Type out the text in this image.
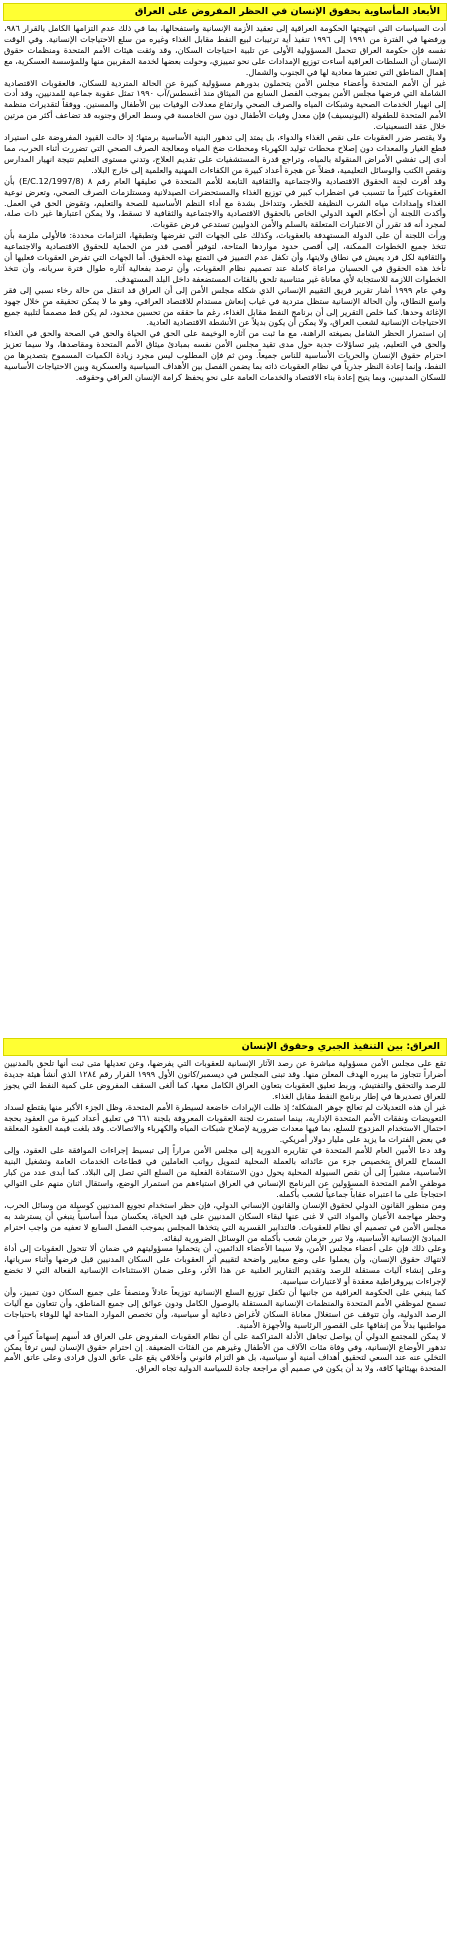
الأبعاد المأساوية بحقوق الإنسان في الحظر المفروض على العراق

أدت السياسات التي انتهجتها الحكومة العراقية إلى تعقيد الأزمة الإنسانية واستفحالها، بما في ذلك عدم التزامها الكامل بالقرار ٩٨٦، ورفضها في الفترة من ١٩٩١ إلى ١٩٩٦ تنفيذ أية ترتيبات لبيع النفط مقابل الغذاء وغيره من سلع الاحتياجات الإنسانية. وفي الوقت نفسه فإن حكومة العراق تتحمل المسؤولية الأولى عن تلبية احتياجات السكان، وقد وثقت هيئات الأمم المتحدة ومنظمات حقوق الإنسان أن السلطات العراقية أساءت توزيع الإمدادات على نحو تمييزي، وحولت بعضها لخدمة المقربين منها وللمؤسسة العسكرية، مع إهمال المناطق التي تعتبرها معادية لها في الجنوب والشمال.

غير أن الأمم المتحدة وأعضاء مجلس الأمن يتحملون بدورهم مسؤولية كبيرة عن الحالة المتردية للسكان، فالعقوبات الاقتصادية الشاملة التي فرضها مجلس الأمن بموجب الفصل السابع من الميثاق منذ أغسطس/آب ١٩٩٠ تمثل عقوبة جماعية للمدنيين، وقد أدت إلى انهيار الخدمات الصحية وشبكات المياه والصرف الصحي وارتفاع معدلات الوفيات بين الأطفال والمسنين. ووفقاً لتقديرات منظمة الأمم المتحدة للطفولة (اليونيسيف) فإن معدل وفيات الأطفال دون سن الخامسة في وسط العراق وجنوبه قد تضاعف أكثر من مرتين خلال عقد التسعينيات.

ولا يقتصر ضرر العقوبات على نقص الغذاء والدواء، بل يمتد إلى تدهور البنية الأساسية برمتها؛ إذ حالت القيود المفروضة على استيراد قطع الغيار والمعدات دون إصلاح محطات توليد الكهرباء ومحطات ضخ المياه ومعالجة الصرف الصحي التي تضررت أثناء الحرب، مما أدى إلى تفشي الأمراض المنقولة بالمياه، وتراجع قدرة المستشفيات على تقديم العلاج، وتدني مستوى التعليم نتيجة انهيار المدارس ونقص الكتب والوسائل التعليمية، فضلاً عن هجرة أعداد كبيرة من الكفاءات المهنية والعلمية إلى خارج البلاد.

وقد أقرت لجنة الحقوق الاقتصادية والاجتماعية والثقافية التابعة للأمم المتحدة في تعليقها العام رقم ٨ (E/C.12/1997/8) بأن العقوبات كثيراً ما تتسبب في اضطراب كبير في توزيع الغذاء والمستحضرات الصيدلانية ومستلزمات الصرف الصحي، وتعرض نوعية الغذاء وإمدادات مياه الشرب النظيفة للخطر، وتتداخل بشدة مع أداء النظم الأساسية للصحة والتعليم، وتقوض الحق في العمل. وأكدت اللجنة أن أحكام العهد الدولي الخاص بالحقوق الاقتصادية والاجتماعية والثقافية لا تسقط، ولا يمكن اعتبارها غير ذات صلة، لمجرد أنه قد تقرر أن الاعتبارات المتعلقة بالسلم والأمن الدوليين تستدعي فرض عقوبات.

ورأت اللجنة أن على الدولة المستهدفة بالعقوبات، وكذلك على الجهات التي تفرضها وتطبقها، التزامات محددة: فالأولى ملزمة بأن تتخذ جميع الخطوات الممكنة، إلى أقصى حدود مواردها المتاحة، لتوفير أقصى قدر من الحماية للحقوق الاقتصادية والاجتماعية والثقافية لكل فرد يعيش في نطاق ولايتها، وأن تكفل عدم التمييز في التمتع بهذه الحقوق. أما الجهات التي تفرض العقوبات فعليها أن تأخذ هذه الحقوق في الحسبان مراعاة كاملة عند تصميم نظام العقوبات، وأن ترصد بفعالية آثاره طوال فترة سريانه، وأن تتخذ الخطوات اللازمة للاستجابة لأي معاناة غير متناسبة تلحق بالفئات المستضعفة داخل البلد المستهدف.

وفي عام ١٩٩٩ أشار تقرير فريق التقييم الإنساني الذي شكله مجلس الأمن إلى أن العراق قد انتقل من حالة رخاء نسبي إلى فقر واسع النطاق، وأن الحالة الإنسانية ستظل متردية في غياب إنعاش مستدام للاقتصاد العراقي، وهو ما لا يمكن تحقيقه من خلال جهود الإغاثة وحدها. كما خلص التقرير إلى أن برنامج النفط مقابل الغذاء، رغم ما حققه من تحسين محدود، لم يكن قط مصمماً لتلبية جميع الاحتياجات الإنسانية لشعب العراق، ولا يمكن أن يكون بديلاً عن الأنشطة الاقتصادية العادية.

إن استمرار الحظر الشامل بصيغته الراهنة، مع ما ثبت من آثاره الوخيمة على الحق في الحياة والحق في الصحة والحق في الغذاء والحق في التعليم، يثير تساؤلات جدية حول مدى تقيد مجلس الأمن نفسه بمبادئ ميثاق الأمم المتحدة ومقاصدها، ولا سيما تعزيز احترام حقوق الإنسان والحريات الأساسية للناس جميعاً. ومن ثم فإن المطلوب ليس مجرد زيادة الكميات المسموح بتصديرها من النفط، وإنما إعادة النظر جذرياً في نظام العقوبات ذاته بما يضمن الفصل بين الأهداف السياسية والعسكرية وبين الاحتياجات الأساسية للسكان المدنيين، وبما يتيح إعادة بناء الاقتصاد والخدمات العامة على نحو يحفظ كرامة الإنسان العراقي وحقوقه.

العراق: بين التنفيذ الجبري وحقوق الإنسان

تقع على مجلس الأمن مسؤولية مباشرة عن رصد الآثار الإنسانية للعقوبات التي يفرضها، وعن تعديلها متى ثبت أنها تلحق بالمدنيين أضراراً تتجاوز ما يبرره الهدف المعلن منها. وقد تبنى المجلس في ديسمبر/كانون الأول ١٩٩٩ القرار رقم ١٢٨٤ الذي أنشأ هيئة جديدة للرصد والتحقق والتفتيش، وربط تعليق العقوبات بتعاون العراق الكامل معها، كما ألغى السقف المفروض على كمية النفط التي يجوز للعراق تصديرها في إطار برنامج النفط مقابل الغذاء.

غير أن هذه التعديلات لم تعالج جوهر المشكلة؛ إذ ظلت الإيرادات خاضعة لسيطرة الأمم المتحدة، وظل الجزء الأكبر منها يقتطع لسداد التعويضات ونفقات الأمم المتحدة الإدارية، بينما استمرت لجنة العقوبات المعروفة بلجنة ٦٦١ في تعليق أعداد كبيرة من العقود بحجة احتمال الاستخدام المزدوج للسلع، بما فيها معدات ضرورية لإصلاح شبكات المياه والكهرباء والاتصالات. وقد بلغت قيمة العقود المعلقة في بعض الفترات ما يزيد على مليار دولار أمريكي.

وقد دعا الأمين العام للأمم المتحدة في تقاريره الدورية إلى مجلس الأمن مراراً إلى تبسيط إجراءات الموافقة على العقود، وإلى السماح للعراق بتخصيص جزء من عائداته بالعملة المحلية لتمويل رواتب العاملين في قطاعات الخدمات العامة وتشغيل البنية الأساسية، مشيراً إلى أن نقص السيولة المحلية يحول دون الاستفادة الفعلية من السلع التي تصل إلى البلاد. كما أبدى عدد من كبار موظفي الأمم المتحدة المسؤولين عن البرنامج الإنساني في العراق استياءهم من استمرار الوضع، واستقال اثنان منهم على التوالي احتجاجاً على ما اعتبراه عقاباً جماعياً لشعب بأكمله.

ومن منظور القانون الدولي لحقوق الإنسان والقانون الإنساني الدولي، فإن حظر استخدام تجويع المدنيين كوسيلة من وسائل الحرب، وحظر مهاجمة الأعيان والمواد التي لا غنى عنها لبقاء السكان المدنيين على قيد الحياة، يعكسان مبدأ أساسياً ينبغي أن يسترشد به مجلس الأمن في تصميم أي نظام للعقوبات. فالتدابير القسرية التي يتخذها المجلس بموجب الفصل السابع لا تعفيه من واجب احترام المبادئ الإنسانية الأساسية، ولا تبرر حرمان شعب بأكمله من الوسائل الضرورية لبقائه.

وعلى ذلك فإن على أعضاء مجلس الأمن، ولا سيما الأعضاء الدائمين، أن يتحملوا مسؤوليتهم في ضمان ألا تتحول العقوبات إلى أداة لانتهاك حقوق الإنسان، وأن يعملوا على وضع معايير واضحة لتقييم أثر العقوبات على السكان المدنيين قبل فرضها وأثناء سريانها، وعلى إنشاء آليات مستقلة للرصد وتقديم التقارير العلنية عن هذا الأثر، وعلى ضمان الاستثناءات الإنسانية الفعالة التي لا تخضع لإجراءات بيروقراطية معقدة أو لاعتبارات سياسية.

كما ينبغي على الحكومة العراقية من جانبها أن تكفل توزيع السلع الإنسانية توزيعاً عادلاً ومنصفاً على جميع السكان دون تمييز، وأن تسمح لموظفي الأمم المتحدة والمنظمات الإنسانية المستقلة بالوصول الكامل ودون عوائق إلى جميع المناطق، وأن تتعاون مع آليات الرصد الدولية، وأن تتوقف عن استغلال معاناة السكان لأغراض دعائية أو سياسية، وأن تخصص الموارد المتاحة لها للوفاء باحتياجات مواطنيها بدلاً من إنفاقها على القصور الرئاسية والأجهزة الأمنية.

لا يمكن للمجتمع الدولي أن يواصل تجاهل الأدلة المتراكمة على أن نظام العقوبات المفروض على العراق قد أسهم إسهاماً كبيراً في تدهور الأوضاع الإنسانية، وفي وفاة مئات الآلاف من الأطفال وغيرهم من الفئات الضعيفة. إن احترام حقوق الإنسان ليس ترفاً يمكن التخلي عنه عند السعي لتحقيق أهداف أمنية أو سياسية، بل هو التزام قانوني وأخلاقي يقع على عاتق الدول فرادى وعلى عاتق الأمم المتحدة بهيئاتها كافة، ولا بد أن يكون في صميم أي مراجعة جادة للسياسة الدولية تجاه العراق.
